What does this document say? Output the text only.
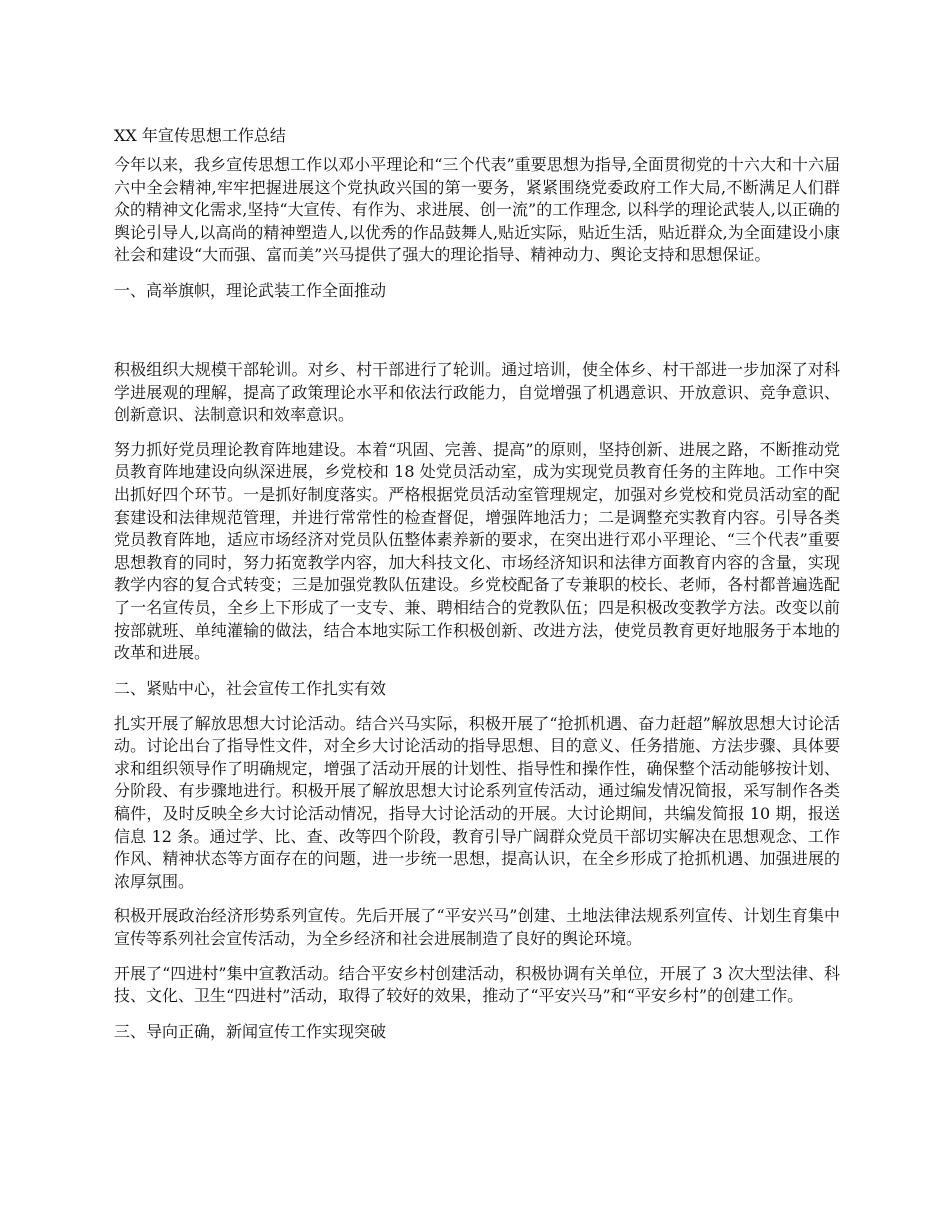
XX 年宣传思想工作总结

今年以来，我乡宣传思想工作以邓小平理论和“三个代表”重要思想为指导,全面贯彻党的十六大和十六届六中全会精神,牢牢把握进展这个党执政兴国的第一要务，紧紧围绕党委政府工作大局,不断满足人们群众的精神文化需求,坚持“大宣传、有作为、求进展、创一流”的工作理念, 以科学的理论武装人,以正确的舆论引导人,以高尚的精神塑造人,以优秀的作品鼓舞人,贴近实际，贴近生活，贴近群众,为全面建设小康社会和建设“大而强、富而美”兴马提供了强大的理论指导、精神动力、舆论支持和思想保证。

一、高举旗帜，理论武装工作全面推动

积极组织大规模干部轮训。对乡、村干部进行了轮训。通过培训，使全体乡、村干部进一步加深了对科学进展观的理解，提高了政策理论水平和依法行政能力，自觉增强了机遇意识、开放意识、竞争意识、创新意识、法制意识和效率意识。

努力抓好党员理论教育阵地建设。本着“巩固、完善、提高”的原则，坚持创新、进展之路，不断推动党员教育阵地建设向纵深进展，乡党校和 18 处党员活动室，成为实现党员教育任务的主阵地。工作中突出抓好四个环节。一是抓好制度落实。严格根据党员活动室管理规定，加强对乡党校和党员活动室的配套建设和法律规范管理，并进行常常性的检查督促，增强阵地活力；二是调整充实教育内容。引导各类党员教育阵地，适应市场经济对党员队伍整体素养新的要求，在突出进行邓小平理论、“三个代表”重要思想教育的同时，努力拓宽教学内容，加大科技文化、市场经济知识和法律方面教育内容的含量，实现教学内容的复合式转变；三是加强党教队伍建设。乡党校配备了专兼职的校长、老师，各村都普遍选配了一名宣传员，全乡上下形成了一支专、兼、聘相结合的党教队伍；四是积极改变教学方法。改变以前按部就班、单纯灌输的做法，结合本地实际工作积极创新、改进方法，使党员教育更好地服务于本地的改革和进展。

二、紧贴中心，社会宣传工作扎实有效

扎实开展了解放思想大讨论活动。结合兴马实际，积极开展了“抢抓机遇、奋力赶超”解放思想大讨论活动。讨论出台了指导性文件，对全乡大讨论活动的指导思想、目的意义、任务措施、方法步骤、具体要求和组织领导作了明确规定，增强了活动开展的计划性、指导性和操作性，确保整个活动能够按计划、分阶段、有步骤地进行。积极开展了解放思想大讨论系列宣传活动，通过编发情况简报，采写制作各类稿件，及时反映全乡大讨论活动情况，指导大讨论活动的开展。大讨论期间，共编发简报 10 期，报送信息 12 条。通过学、比、查、改等四个阶段，教育引导广阔群众党员干部切实解决在思想观念、工作作风、精神状态等方面存在的问题，进一步统一思想，提高认识，在全乡形成了抢抓机遇、加强进展的浓厚氛围。

积极开展政治经济形势系列宣传。先后开展了“平安兴马”创建、土地法律法规系列宣传、计划生育集中宣传等系列社会宣传活动，为全乡经济和社会进展制造了良好的舆论环境。

开展了“四进村”集中宣教活动。结合平安乡村创建活动，积极协调有关单位，开展了 3 次大型法律、科技、文化、卫生“四进村”活动，取得了较好的效果，推动了“平安兴马”和“平安乡村”的创建工作。

三、导向正确，新闻宣传工作实现突破
